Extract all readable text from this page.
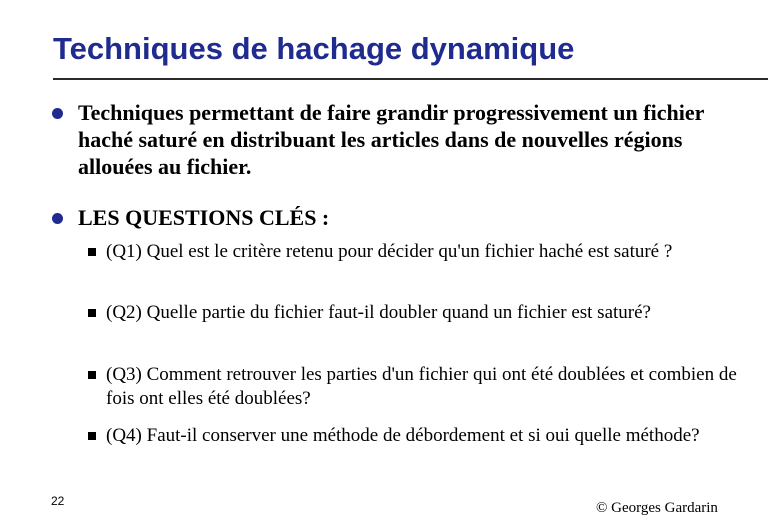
Techniques de hachage dynamique
Techniques permettant de faire grandir progressivement un fichier haché saturé en distribuant les articles dans de nouvelles régions allouées au fichier.
LES QUESTIONS CLÉS :
(Q1) Quel est le critère retenu pour décider qu'un fichier haché est saturé ?
(Q2) Quelle partie du fichier faut-il doubler quand un fichier est saturé?
(Q3) Comment retrouver les parties d'un fichier qui ont été doublées et combien de fois ont elles été doublées?
(Q4) Faut-il conserver une méthode de débordement et si oui quelle méthode?
22	© Georges Gardarin
